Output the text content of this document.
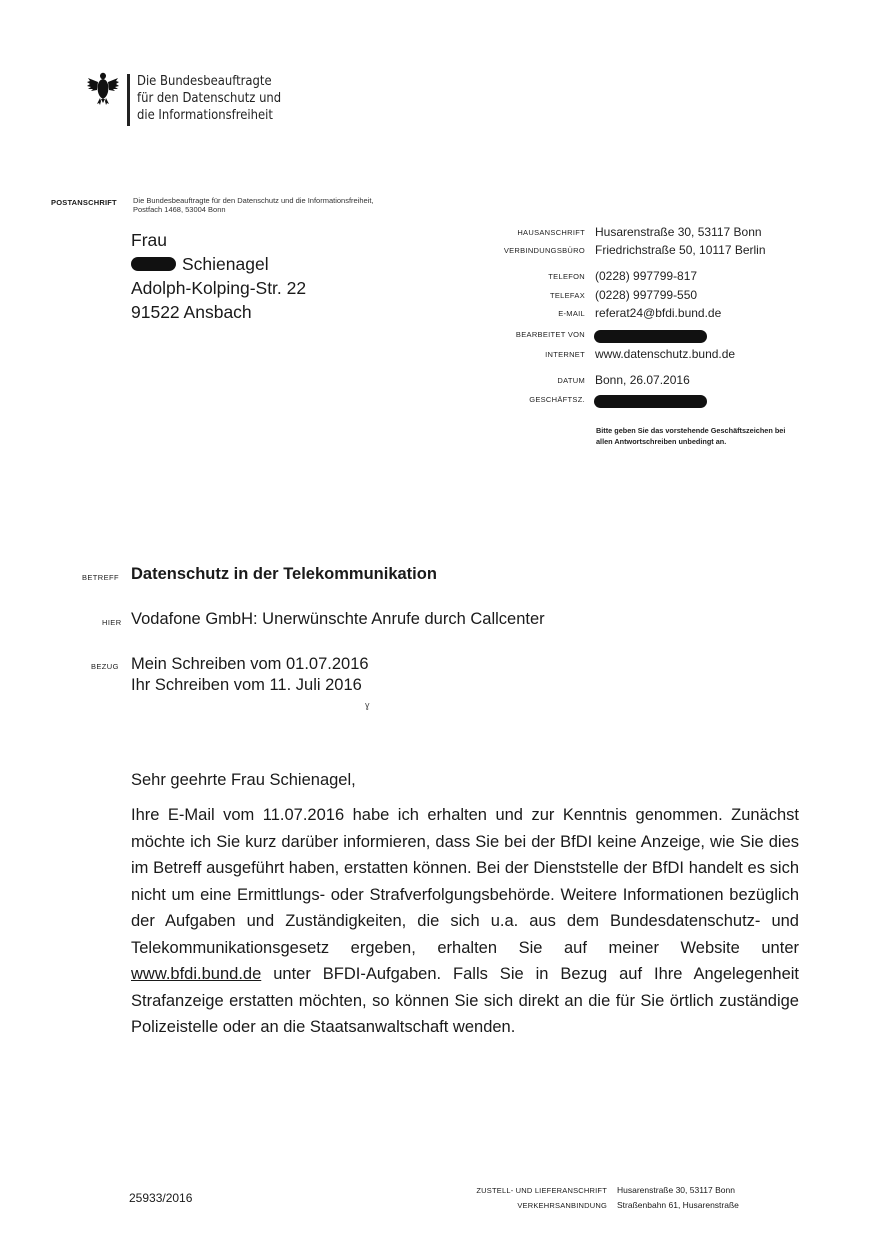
Die Bundesbeauftragte
für den Datenschutz und
die Informationsfreiheit
POSTANSCHRIFT Die Bundesbeauftragte für den Datenschutz und die Informationsfreiheit,
Postfach 1468, 53004 Bonn
Frau
Schienagel
Adolph-Kolping-Str. 22
91522 Ansbach
HAUSANSCHRIFT Husarenstraße 30, 53117 Bonn
VERBINDUNGSBÜRO Friedrichstraße 50, 10117 Berlin
TELEFON (0228) 997799-817
TELEFAX (0228) 997799-550
E-MAIL referat24@bfdi.bund.de
BEARBEITET VON
INTERNET www.datenschutz.bund.de
DATUM Bonn, 26.07.2016
GESCHÄFTSZ.
Bitte geben Sie das vorstehende Geschäftszeichen bei
allen Antwortschreiben unbedingt an.
BETREFF Datenschutz in der Telekommunikation
HIER Vodafone GmbH: Unerwünschte Anrufe durch Callcenter
BEZUG Mein Schreiben vom 01.07.2016
Ihr Schreiben vom 11. Juli 2016
ɣ
Sehr geehrte Frau Schienagel,
Ihre E-Mail vom 11.07.2016 habe ich erhalten und zur Kenntnis genommen. Zunächst möchte ich Sie kurz darüber informieren, dass Sie bei der BfDI keine Anzeige, wie Sie dies im Betreff ausgeführt haben, erstatten können. Bei der Dienststelle der BfDI handelt es sich nicht um eine Ermittlungs- oder Strafverfolgungsbehörde. Weitere Informationen bezüglich der Aufgaben und Zuständigkeiten, die sich u.a. aus dem Bundesdatenschutz- und Telekommunikationsgesetz ergeben, erhalten Sie auf meiner Website unter www.bfdi.bund.de unter BFDI-Aufgaben. Falls Sie in Bezug auf Ihre Angelegenheit Strafanzeige erstatten möchten, so können Sie sich direkt an die für Sie örtlich zuständige Polizeistelle oder an die Staatsanwaltschaft wenden.
25933/2016
ZUSTELL- UND LIEFERANSCHRIFT Husarenstraße 30, 53117 Bonn
VERKEHRSANBINDUNG Straßenbahn 61, Husarenstraße
